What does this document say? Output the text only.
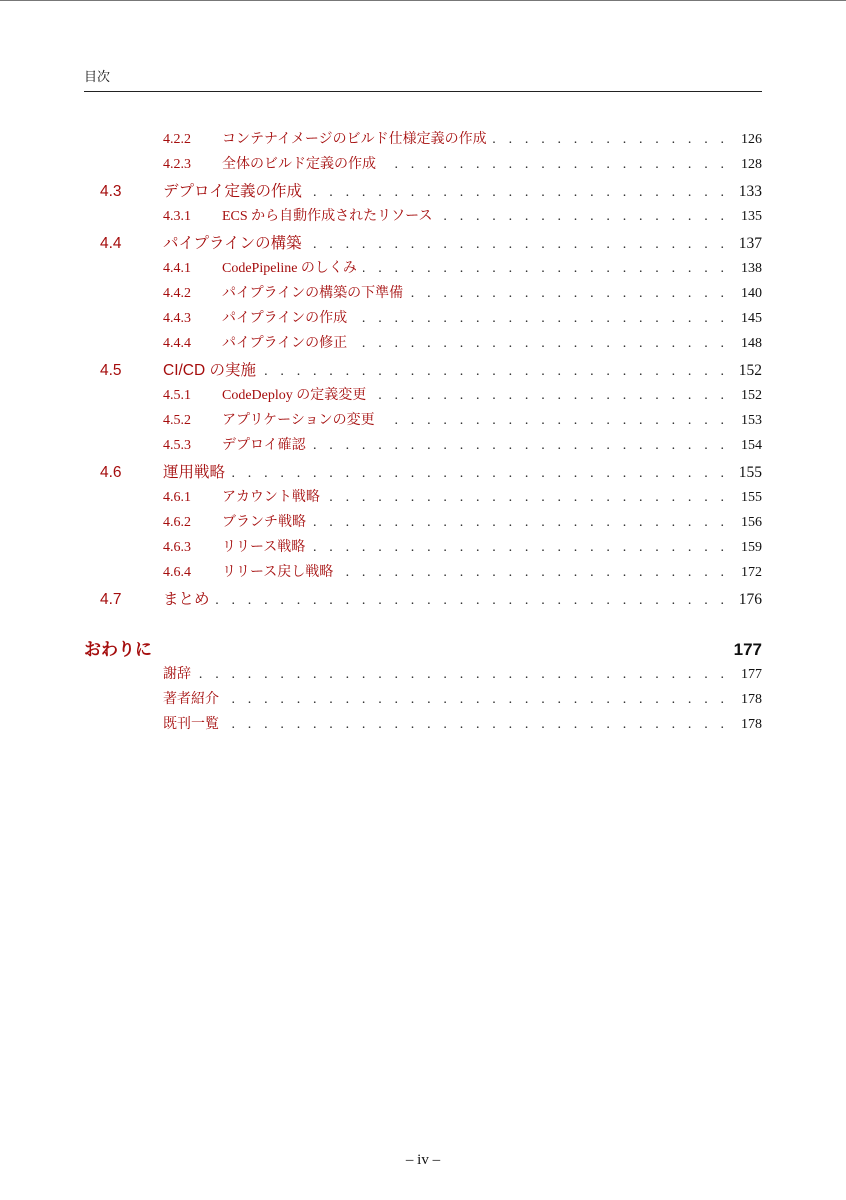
目次
4.2.2	コンテナイメージのビルド仕様定義の作成 . . .	126
4.2.3	全体のビルド定義の作成 . . .	128
4.3	デプロイ定義の作成 . . .	133
4.3.1	ECS から自動作成されたリソース . . .	135
4.4	パイプラインの構築 . . .	137
4.4.1	CodePipeline のしくみ . . .	138
4.4.2	パイプラインの構築の下準備 . . .	140
4.4.3	パイプラインの作成 . . .	145
4.4.4	パイプラインの修正 . . .	148
4.5	CI/CD の実施 . . .	152
4.5.1	CodeDeploy の定義変更 . . .	152
4.5.2	アプリケーションの変更 . . .	153
4.5.3	デプロイ確認 . . .	154
4.6	運用戦略 . . .	155
4.6.1	アカウント戦略 . . .	155
4.6.2	ブランチ戦略 . . .	156
4.6.3	リリース戦略 . . .	159
4.6.4	リリース戻し戦略 . . .	172
4.7	まとめ . . .	176
おわりに	177
謝辞 . . .	177
著者紹介 . . .	178
既刊一覧 . . .	178
– iv –
